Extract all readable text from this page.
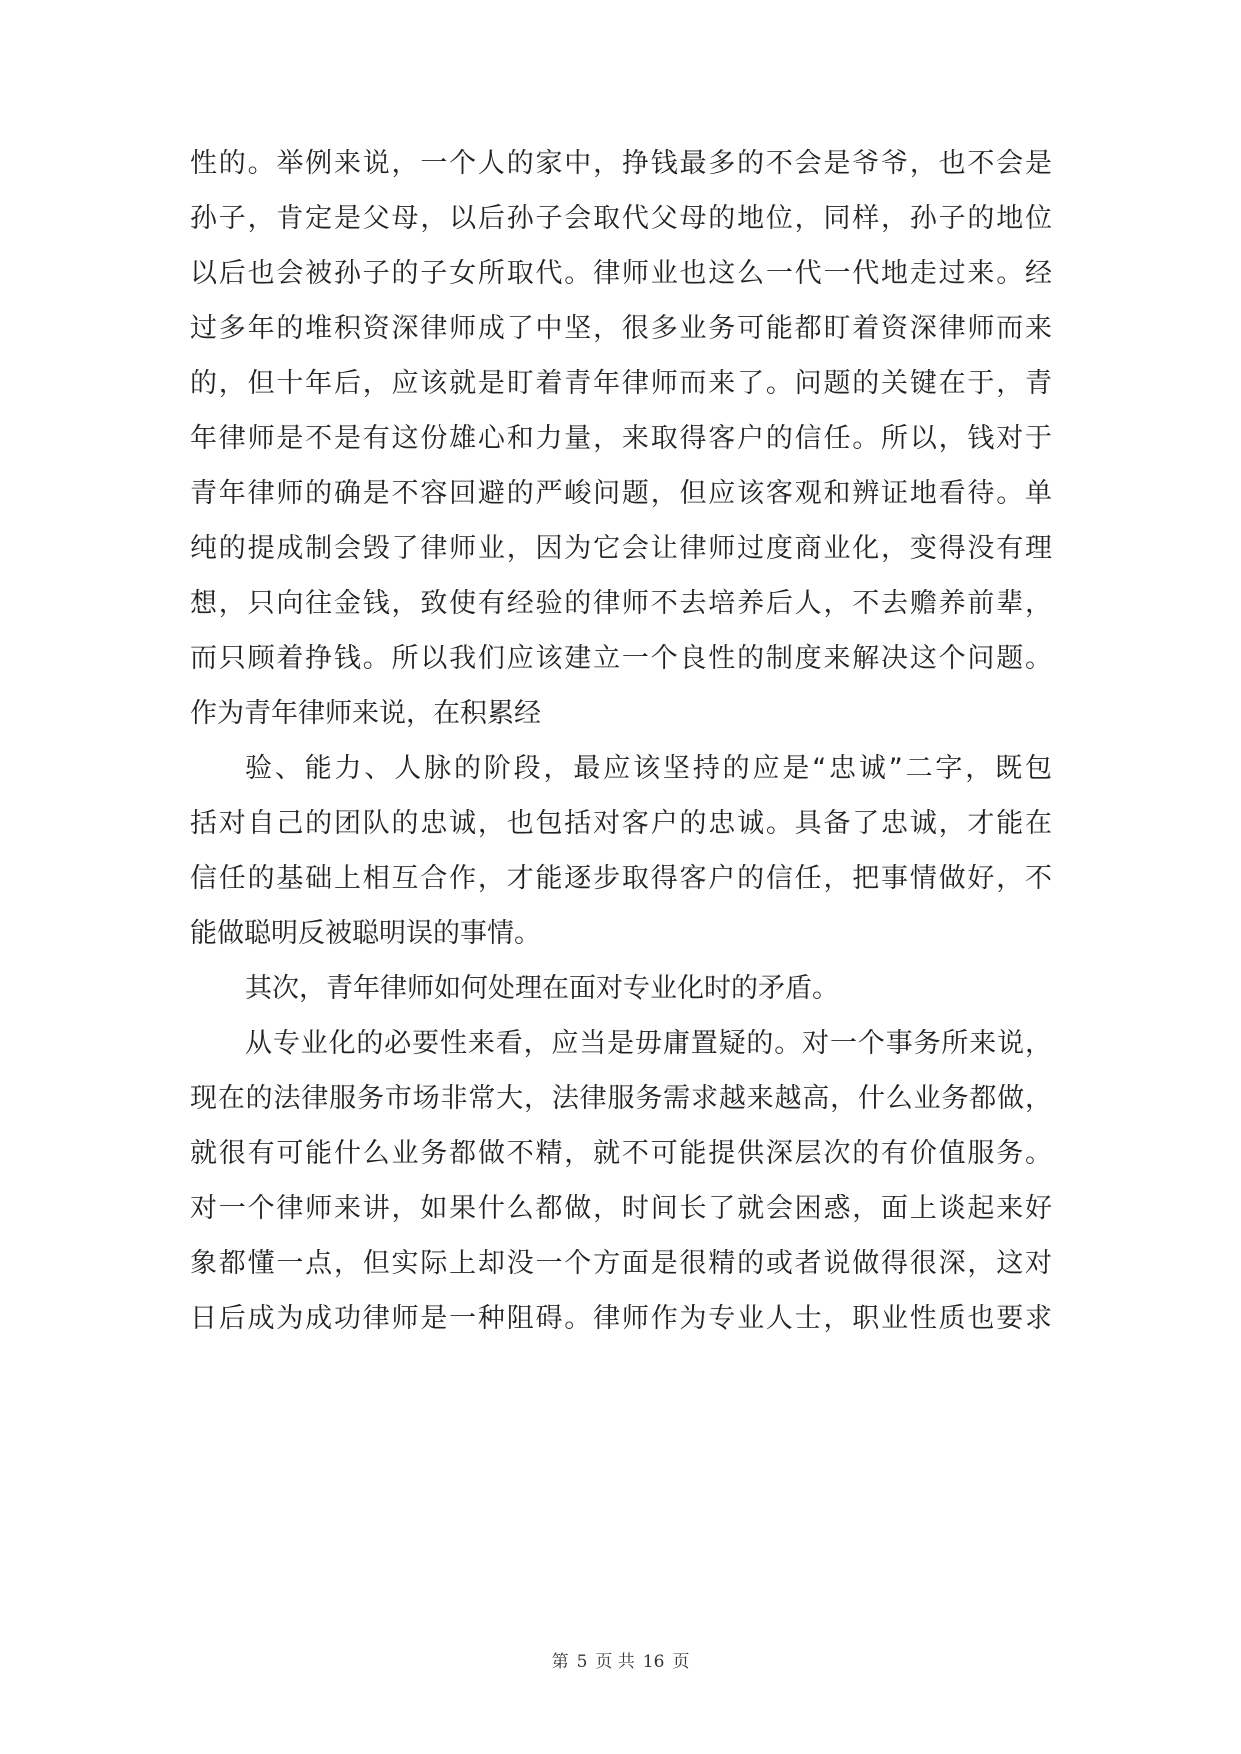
性的。举例来说，一个人的家中，挣钱最多的不会是爷爷，也不会是
孙子，肯定是父母，以后孙子会取代父母的地位，同样，孙子的地位
以后也会被孙子的子女所取代。律师业也这么一代一代地走过来。经
过多年的堆积资深律师成了中坚，很多业务可能都盯着资深律师而来
的，但十年后，应该就是盯着青年律师而来了。问题的关键在于，青
年律师是不是有这份雄心和力量，来取得客户的信任。所以，钱对于
青年律师的确是不容回避的严峻问题，但应该客观和辨证地看待。单
纯的提成制会毁了律师业，因为它会让律师过度商业化，变得没有理
想，只向往金钱，致使有经验的律师不去培养后人，不去赡养前辈，
而只顾着挣钱。所以我们应该建立一个良性的制度来解决这个问题。
作为青年律师来说，在积累经
验、能力、人脉的阶段，最应该坚持的应是“忠诚”二字，既包
括对自己的团队的忠诚，也包括对客户的忠诚。具备了忠诚，才能在
信任的基础上相互合作，才能逐步取得客户的信任，把事情做好，不
能做聪明反被聪明误的事情。
其次，青年律师如何处理在面对专业化时的矛盾。
从专业化的必要性来看，应当是毋庸置疑的。对一个事务所来说，
现在的法律服务市场非常大，法律服务需求越来越高，什么业务都做，
就很有可能什么业务都做不精，就不可能提供深层次的有价值服务。
对一个律师来讲，如果什么都做，时间长了就会困惑，面上谈起来好
象都懂一点，但实际上却没一个方面是很精的或者说做得很深，这对
日后成为成功律师是一种阻碍。律师作为专业人士，职业性质也要求
第 5 页 共 16 页
